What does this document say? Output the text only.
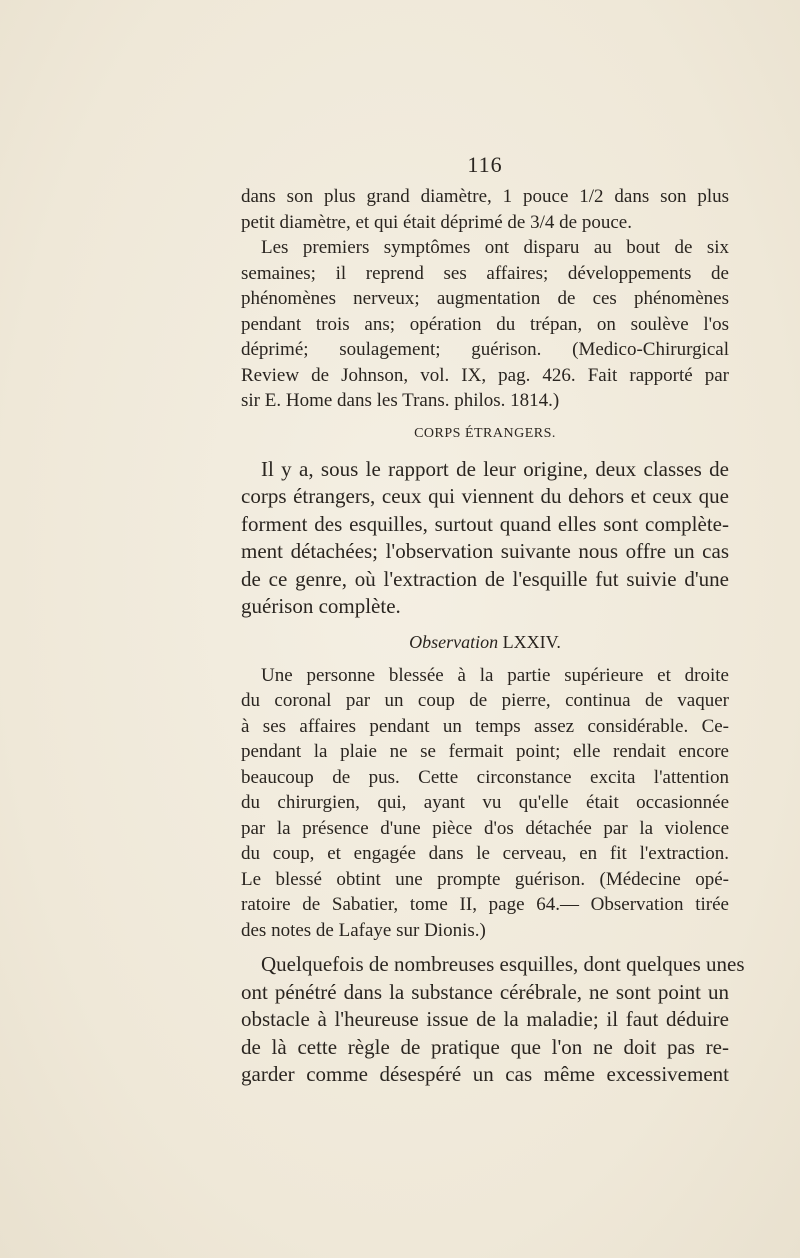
116

dans son plus grand diamètre, 1 pouce 1/2 dans son plus
petit diamètre, et qui était déprimé de 3/4 de pouce.

Les premiers symptômes ont disparu au bout de six
semaines; il reprend ses affaires; développements de
phénomènes nerveux; augmentation de ces phénomènes
pendant trois ans; opération du trépan, on soulève l'os
déprimé; soulagement; guérison. (Medico-Chirurgical
Review de Johnson, vol. IX, pag. 426. Fait rapporté par
sir E. Home dans les Trans. philos. 1814.)

CORPS ÉTRANGERS.

Il y a, sous le rapport de leur origine, deux classes de
corps étrangers, ceux qui viennent du dehors et ceux que
forment des esquilles, surtout quand elles sont complète-
ment détachées; l'observation suivante nous offre un cas
de ce genre, où l'extraction de l'esquille fut suivie d'une
guérison complète.

Observation LXXIV.

Une personne blessée à la partie supérieure et droite
du coronal par un coup de pierre, continua de vaquer
à ses affaires pendant un temps assez considérable. Ce-
pendant la plaie ne se fermait point; elle rendait encore
beaucoup de pus. Cette circonstance excita l'attention
du chirurgien, qui, ayant vu qu'elle était occasionnée
par la présence d'une pièce d'os détachée par la violence
du coup, et engagée dans le cerveau, en fit l'extraction.
Le blessé obtint une prompte guérison. (Médecine opé-
ratoire de Sabatier, tome II, page 64.— Observation tirée
des notes de Lafaye sur Dionis.)

Quelquefois de nombreuses esquilles, dont quelques unes
ont pénétré dans la substance cérébrale, ne sont point un
obstacle à l'heureuse issue de la maladie; il faut déduire
de là cette règle de pratique que l'on ne doit pas re-
garder comme désespéré un cas même excessivement
